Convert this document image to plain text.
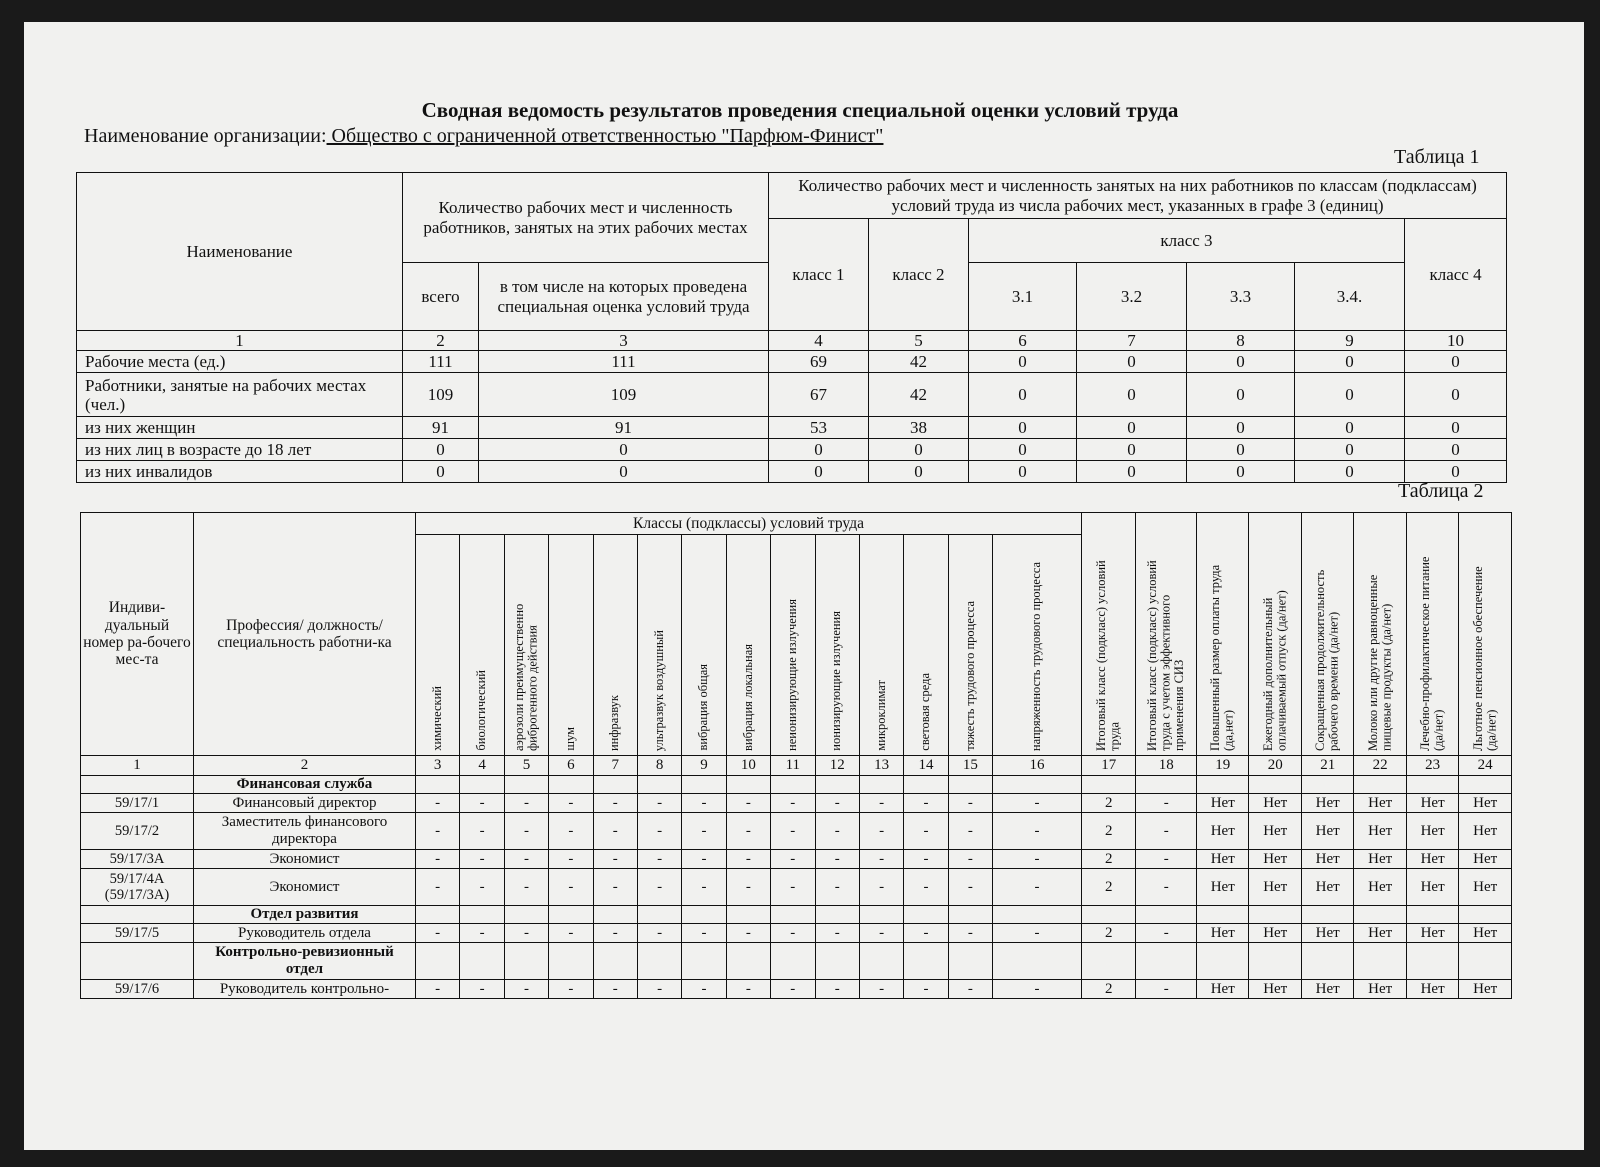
Сводная ведомость результатов проведения специальной оценки условий труда
Наименование организации: Общество с ограниченной ответственностью "Парфюм-Финист"
Таблица 1
Наименование	Количество рабочих мест и численность работников, занятых на этих рабочих местах		Количество рабочих мест и численность занятых на них работников по классам (подклассам) условий труда из числа рабочих мест, указанных в графе 3 (единиц)						
			класс 1	класс 2	класс 3				класс 4
	всего	в том числе на которых проведена специальная оценка условий труда			3.1	3.2	3.3	3.4.	
1	2	3	4	5	6	7	8	9	10
Рабочие места (ед.)	111	111	69	42	0	0	0	0	0
Работники, занятые на рабочих местах (чел.)	109	109	67	42	0	0	0	0	0
из них женщин	91	91	53	38	0	0	0	0	0
из них лиц в возрасте до 18 лет	0	0	0	0	0	0	0	0	0
из них инвалидов	0	0	0	0	0	0	0	0	0
Таблица 2
Индиви-дуальный номер ра-бочего мес-та	Профессия/ должность/ специальность работни-ка	Классы (подклассы) условий труда														Итоговый класс (подкласс) условий труда	Итоговый класс (подкласс) условий труда с учетом эффективного применения СИЗ	Повышенный размер оплаты труда (да,нет)	Ежегодный дополнительный оплачиваемый отпуск (да/нет)	Сокращенная продолжительность рабочего времени (да/нет)	Молоко или другие равноценные пищевые продукты (да/нет)	Лечебно-профилактическое питание (да/нет)	Льготное пенсионное обеспечение (да/нет)

		химический	биологический	аэрозоли преимущественно фиброгенного действия	шум	инфразвук	ультразвук воздушный	вибрация общая	вибрация локальная	неионизирующие излучения	ионизирующие излучения	микроклимат	световая среда	тяжесть трудового процесса	напряженность трудового процесса								

1	2	3	4	5	6	7	8	9	10	11	12	13	14	15	16	17	18	19	20	21	22	23	24
	Финансовая служба																						
59/17/1	Финансовый директор	-	-	-	-	-	-	-	-	-	-	-	-	-	-	2	-	Нет	Нет	Нет	Нет	Нет	Нет
59/17/2	Заместитель финансового директора	-	-	-	-	-	-	-	-	-	-	-	-	-	-	2	-	Нет	Нет	Нет	Нет	Нет	Нет
59/17/3А	Экономист	-	-	-	-	-	-	-	-	-	-	-	-	-	-	2	-	Нет	Нет	Нет	Нет	Нет	Нет
59/17/4А (59/17/3А)	Экономист	-	-	-	-	-	-	-	-	-	-	-	-	-	-	2	-	Нет	Нет	Нет	Нет	Нет	Нет
	Отдел развития																						
59/17/5	Руководитель отдела	-	-	-	-	-	-	-	-	-	-	-	-	-	-	2	-	Нет	Нет	Нет	Нет	Нет	Нет
	Контрольно-ревизионный отдел																						
59/17/6	Руководитель контрольно-	-	-	-	-	-	-	-	-	-	-	-	-	-	-	2	-	Нет	Нет	Нет	Нет	Нет	Нет
